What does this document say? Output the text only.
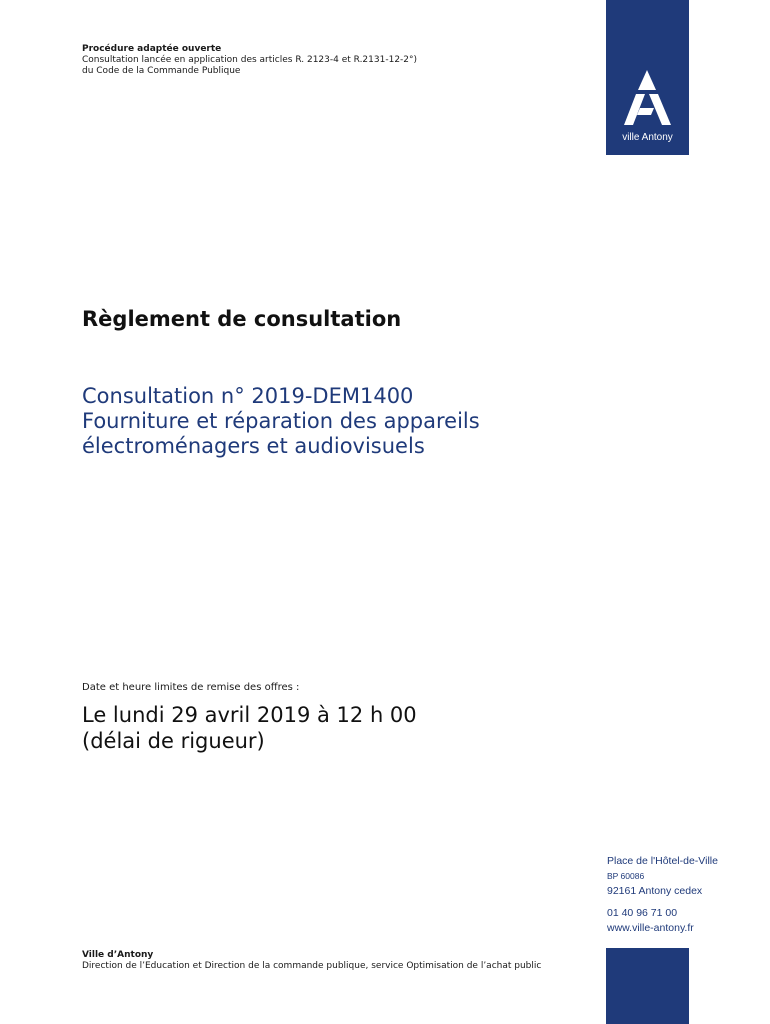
ville Antony
Procédure adaptée ouverte
Consultation lancée en application des articles R. 2123-4 et R.2131-12-2°)
du Code de la Commande Publique
Règlement de consultation
Consultation n° 2019-DEM1400
Fourniture et réparation des appareils
électroménagers et audiovisuels
Date et heure limites de remise des offres :
Le lundi 29 avril 2019 à 12 h 00
(délai de rigueur)
Place de l'Hôtel-de-Ville
BP 60086
92161 Antony cedex
01 40 96 71 00
www.ville-antony.fr
Ville d’Antony
Direction de l’Education et Direction de la commande publique, service Optimisation de l’achat public
